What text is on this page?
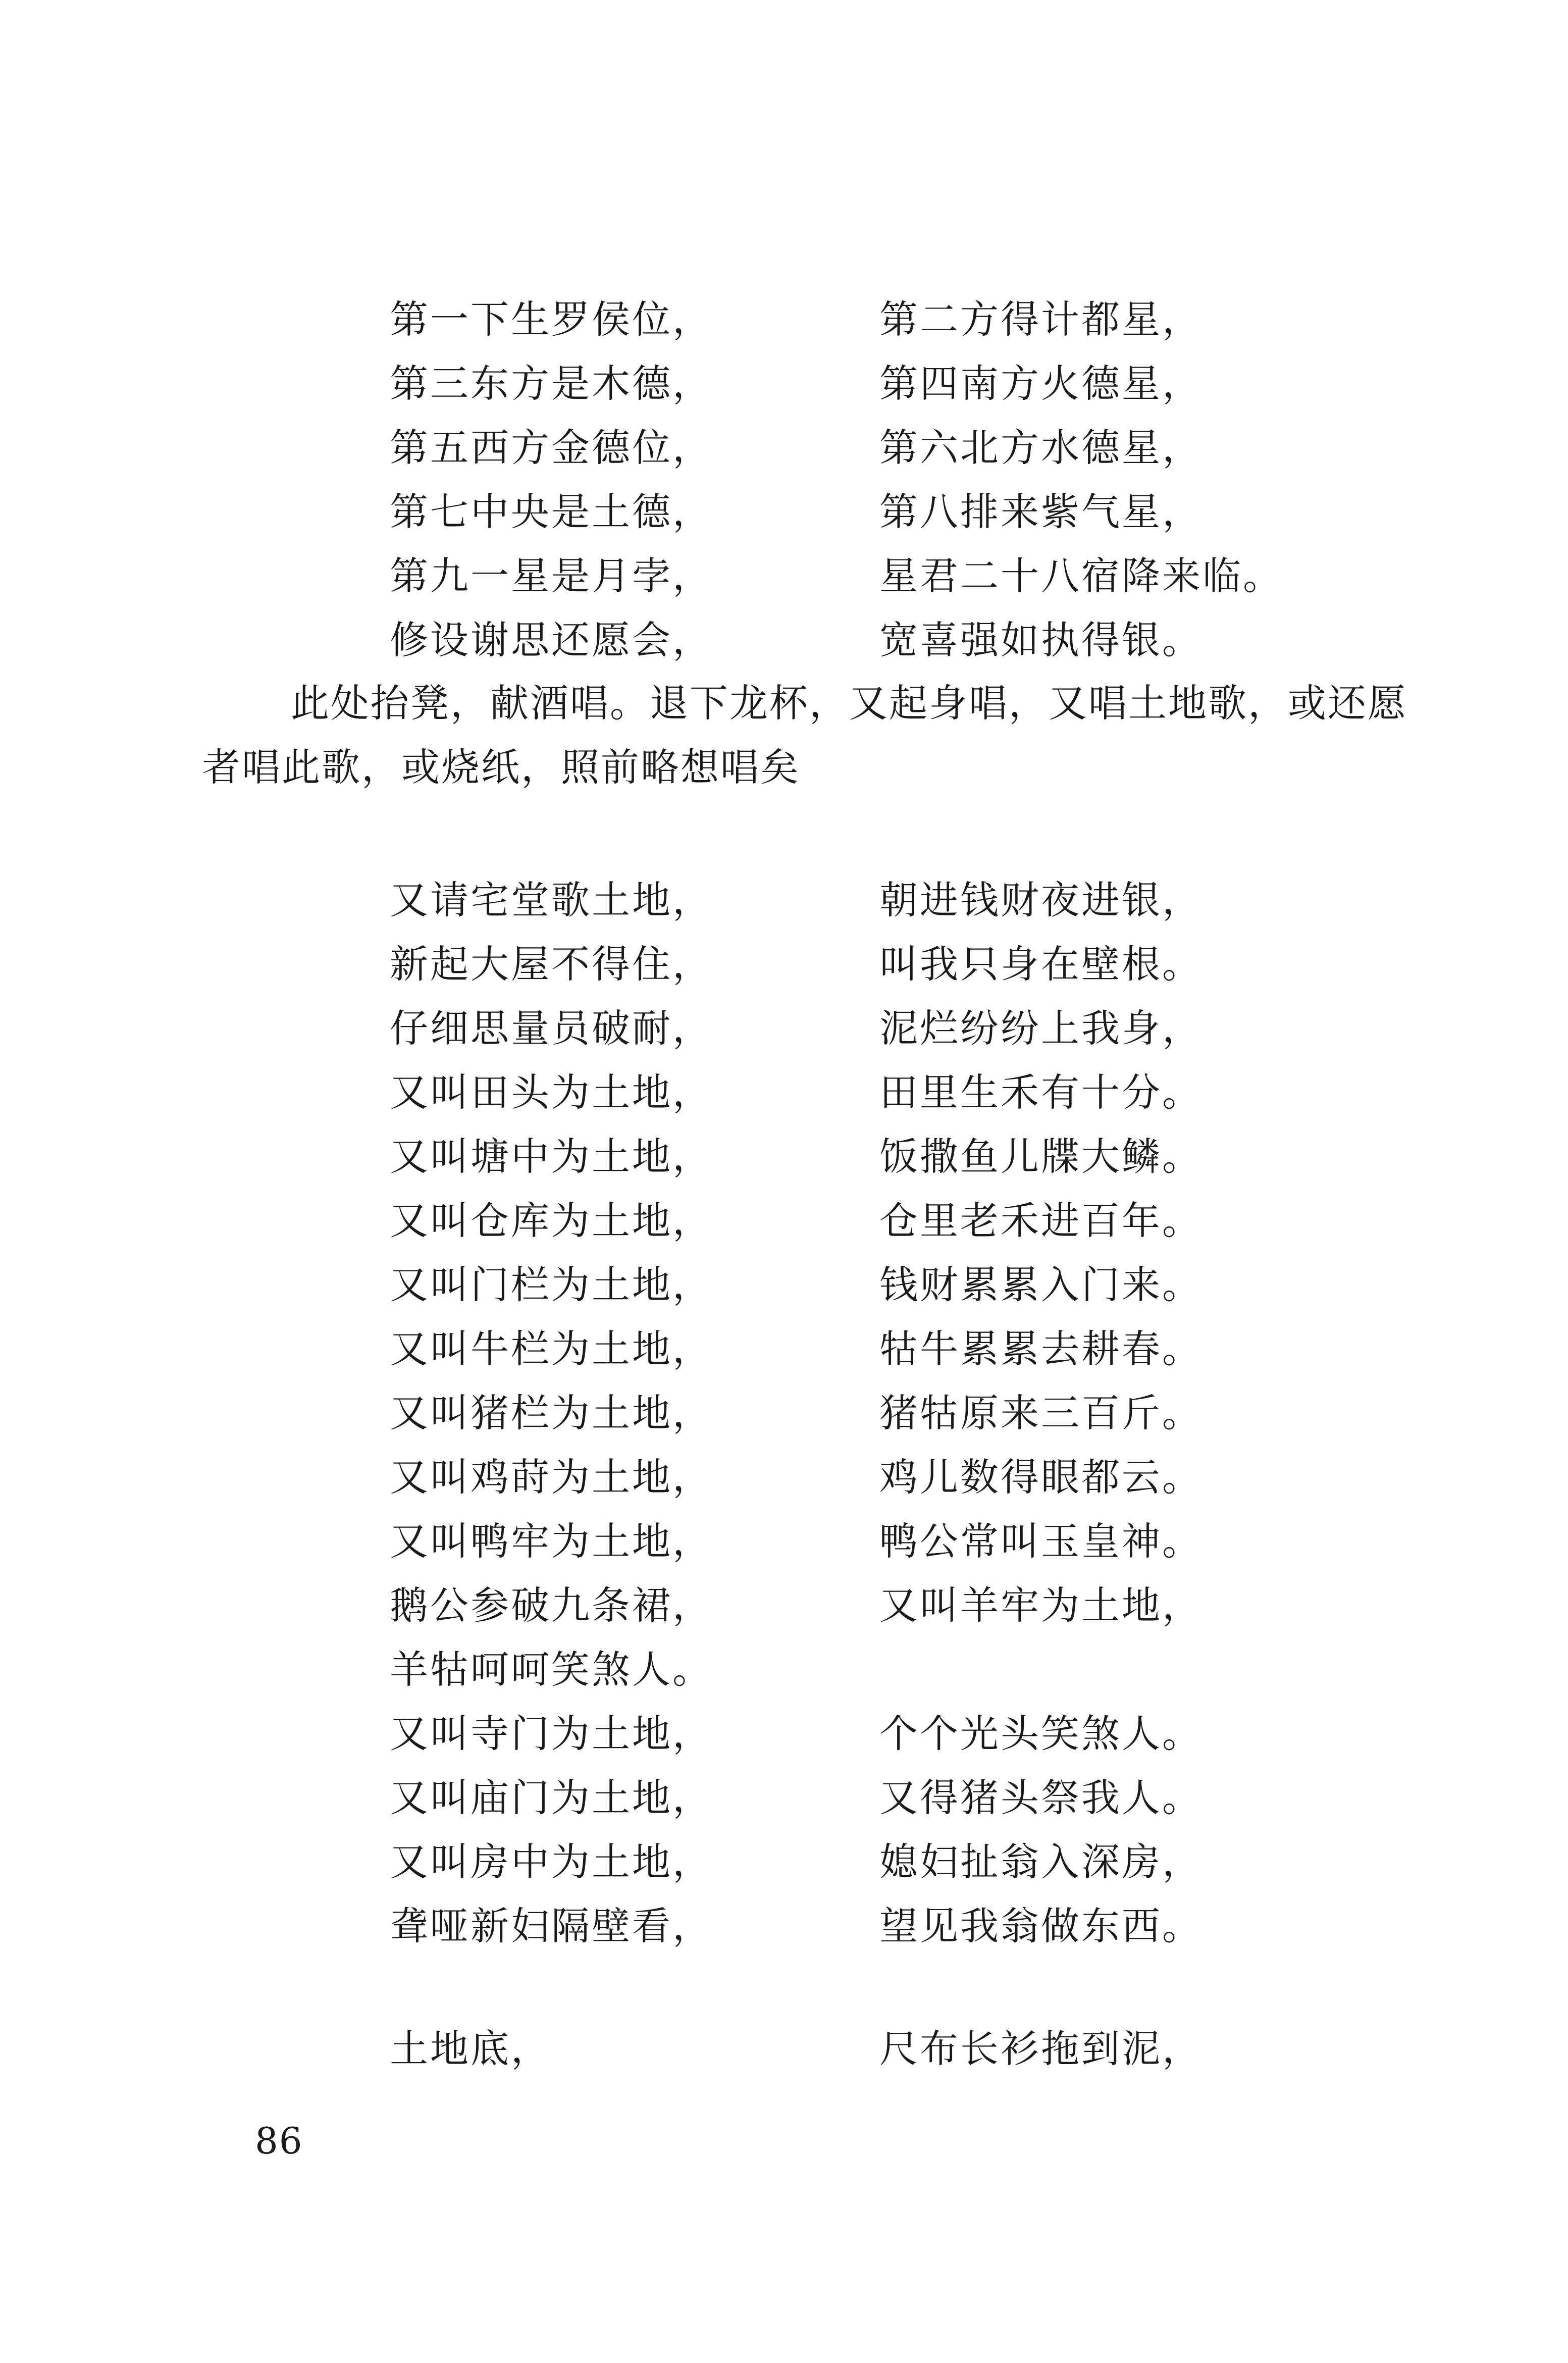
第一下生罗侯位，	第二方得计都星，
第三东方是木德，	第四南方火德星，
第五西方金德位，	第六北方水德星，
第七中央是土德，	第八排来紫气星，
第九一星是月孛，	星君二十八宿降来临。
修设谢思还愿会，	宽喜强如执得银。
此处抬凳，献酒唱。退下龙杯，又起身唱，又唱土地歌，或还愿
者唱此歌，或烧纸，照前略想唱矣
又请宅堂歌土地，	朝进钱财夜进银，
新起大屋不得住，	叫我只身在壁根。
仔细思量员破耐，	泥烂纷纷上我身，
又叫田头为土地，	田里生禾有十分。
又叫塘中为土地，	饭撒鱼儿牒大鳞。
又叫仓库为土地，	仓里老禾进百年。
又叫门栏为土地，	钱财累累入门来。
又叫牛栏为土地，	牯牛累累去耕春。
又叫猪栏为土地，	猪牯原来三百斤。
又叫鸡莳为土地，	鸡儿数得眼都云。
又叫鸭牢为土地，	鸭公常叫玉皇神。
鹅公参破九条裙，	又叫羊牢为土地，
羊牯呵呵笑煞人。
又叫寺门为土地，	个个光头笑煞人。
又叫庙门为土地，	又得猪头祭我人。
又叫房中为土地，	媳妇扯翁入深房，
聋哑新妇隔壁看，	望见我翁做东西。
土地底，	尺布长衫拖到泥，
86
